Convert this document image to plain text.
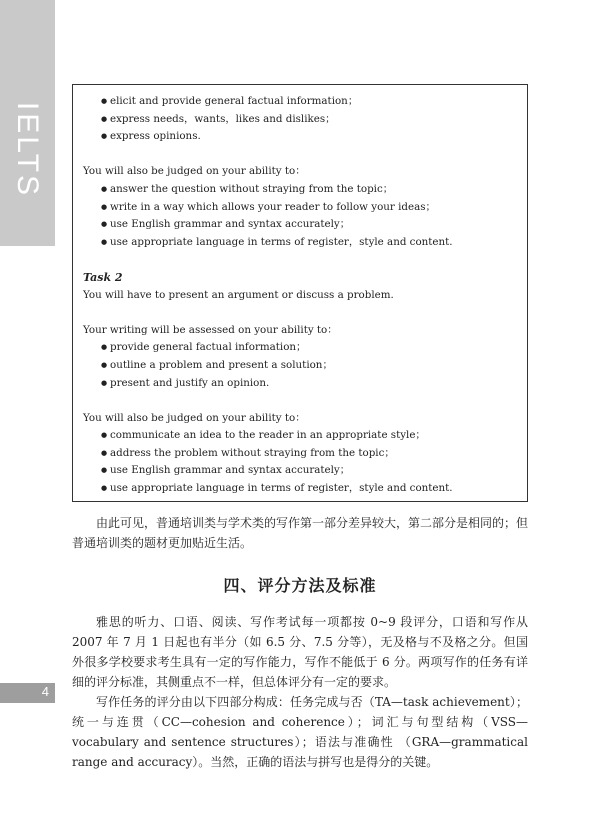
IELTS
4
● elicit and provide general factual information；
● express needs，wants，likes and dislikes；
● express opinions.

You will also be judged on your ability to：

● answer the question without straying from the topic；
● write in a way which allows your reader to follow your ideas；
● use English grammar and syntax accurately；
● use appropriate language in terms of register，style and content.

Task 2

You will have to present an argument or discuss a problem.

Your writing will be assessed on your ability to：

● provide general factual information；
● outline a problem and present a solution；
● present and justify an opinion.

You will also be judged on your ability to：

● communicate an idea to the reader in an appropriate style；
● address the problem without straying from the topic；
● use English grammar and syntax accurately；
● use appropriate language in terms of register，style and content.

由此可见，普通培训类与学术类的写作第一部分差异较大，第二部分是相同的；但普通培训类的题材更加贴近生活。

四、评分方法及标准

雅思的听力、口语、阅读、写作考试每一项都按 0~9 段评分，口语和写作从 2007 年 7 月 1 日起也有半分（如 6.5 分、7.5 分等），无及格与不及格之分。但国外很多学校要求考生具有一定的写作能力，写作不能低于 6 分。两项写作的任务有详细的评分标准，其侧重点不一样，但总体评分有一定的要求。

写作任务的评分由以下四部分构成：任务完成与否（TA—task achievement）；统一与连贯（CC—cohesion and coherence）；词汇与句型结构（VSS—vocabulary and sentence structures）；语法与准确性 （GRA—grammatical range and accuracy）。当然，正确的语法与拼写也是得分的关键。
